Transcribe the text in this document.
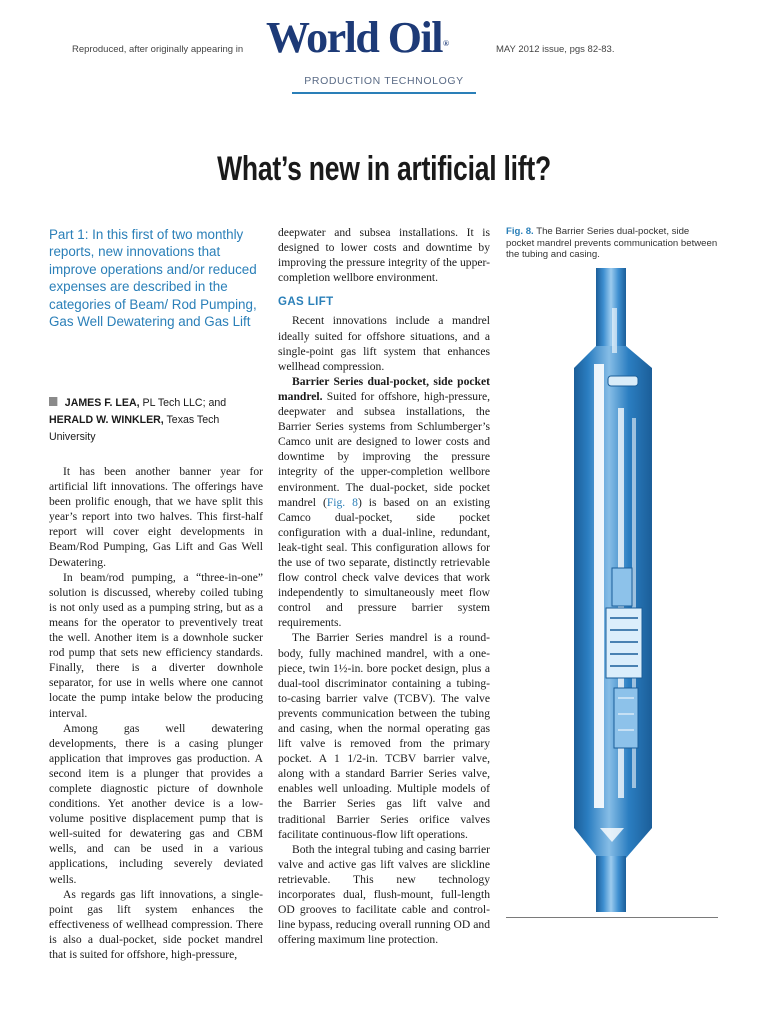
Reproduced, after originally appearing in World Oil®
MAY 2012 issue, pgs 82-83.
PRODUCTION TECHNOLOGY
What’s new in artificial lift?
Part 1: In this first of two monthly reports, new innovations that improve operations and/or reduced expenses are described in the categories of Beam/ Rod Pumping, Gas Well Dewatering and Gas Lift
JAMES F. LEA, PL Tech LLC; and
HERALD W. WINKLER, Texas Tech University

It has been another banner year for artificial lift innovations. The offerings have been prolific enough, that we have split this year’s report into two halves. This first-half report will cover eight developments in Beam/Rod Pumping, Gas Lift and Gas Well Dewatering.

In beam/rod pumping, a “three-in-one” solution is discussed, whereby coiled tubing is not only used as a pumping string, but as a means for the operator to preventively treat the well. Another item is a downhole sucker rod pump that sets new efficiency standards. Finally, there is a diverter downhole separator, for use in wells where one cannot locate the pump intake below the producing interval.

Among gas well dewatering developments, there is a casing plunger application that improves gas production. A second item is a plunger that provides a complete diagnostic picture of downhole conditions. Yet another device is a low-volume positive displacement pump that is well-suited for dewatering gas and CBM wells, and can be used in a various applications, including severely deviated wells.

As regards gas lift innovations, a single-point gas lift system enhances the effectiveness of wellhead compression. There is also a dual-pocket, side pocket mandrel that is suited for offshore, high-pressure,

deepwater and subsea installations. It is designed to lower costs and downtime by improving the pressure integrity of the upper-completion wellbore environment.

GAS LIFT

Recent innovations include a mandrel ideally suited for offshore situations, and a single-point gas lift system that enhances wellhead compression.

Barrier Series dual-pocket, side pocket mandrel. Suited for offshore, high-pressure, deepwater and subsea installations, the Barrier Series systems from Schlumberger’s Camco unit are designed to lower costs and downtime by improving the pressure integrity of the upper-completion wellbore environment. The dual-pocket, side pocket mandrel (Fig. 8) is based on an existing Camco dual-pocket, side pocket configuration with a dual-inline, redundant, leak-tight seal. This configuration allows for the use of two separate, distinctly retrievable flow control check valve devices that work independently to simultaneously meet flow control and pressure barrier system requirements.

The Barrier Series mandrel is a round-body, fully machined mandrel, with a one-piece, twin 1½-in. bore pocket design, plus a dual-tool discriminator containing a tubing-to-casing barrier valve (TCBV). The valve prevents communication between the tubing and casing, when the normal operating gas lift valve is removed from the primary pocket. A 1 1/2-in. TCBV barrier valve, along with a standard Barrier Series valve, enables well unloading. Multiple models of the Barrier Series gas lift valve and traditional Barrier Series orifice valves facilitate continuous-flow lift operations.

Both the integral tubing and casing barrier valve and active gas lift valves are slickline retrievable. This new technology incorporates dual, flush-mount, full-length OD grooves to facilitate cable and control-line bypass, reducing overall running OD and offering maximum line protection.

Fig. 8. The Barrier Series dual-pocket, side pocket mandrel prevents communication between the tubing and casing.
